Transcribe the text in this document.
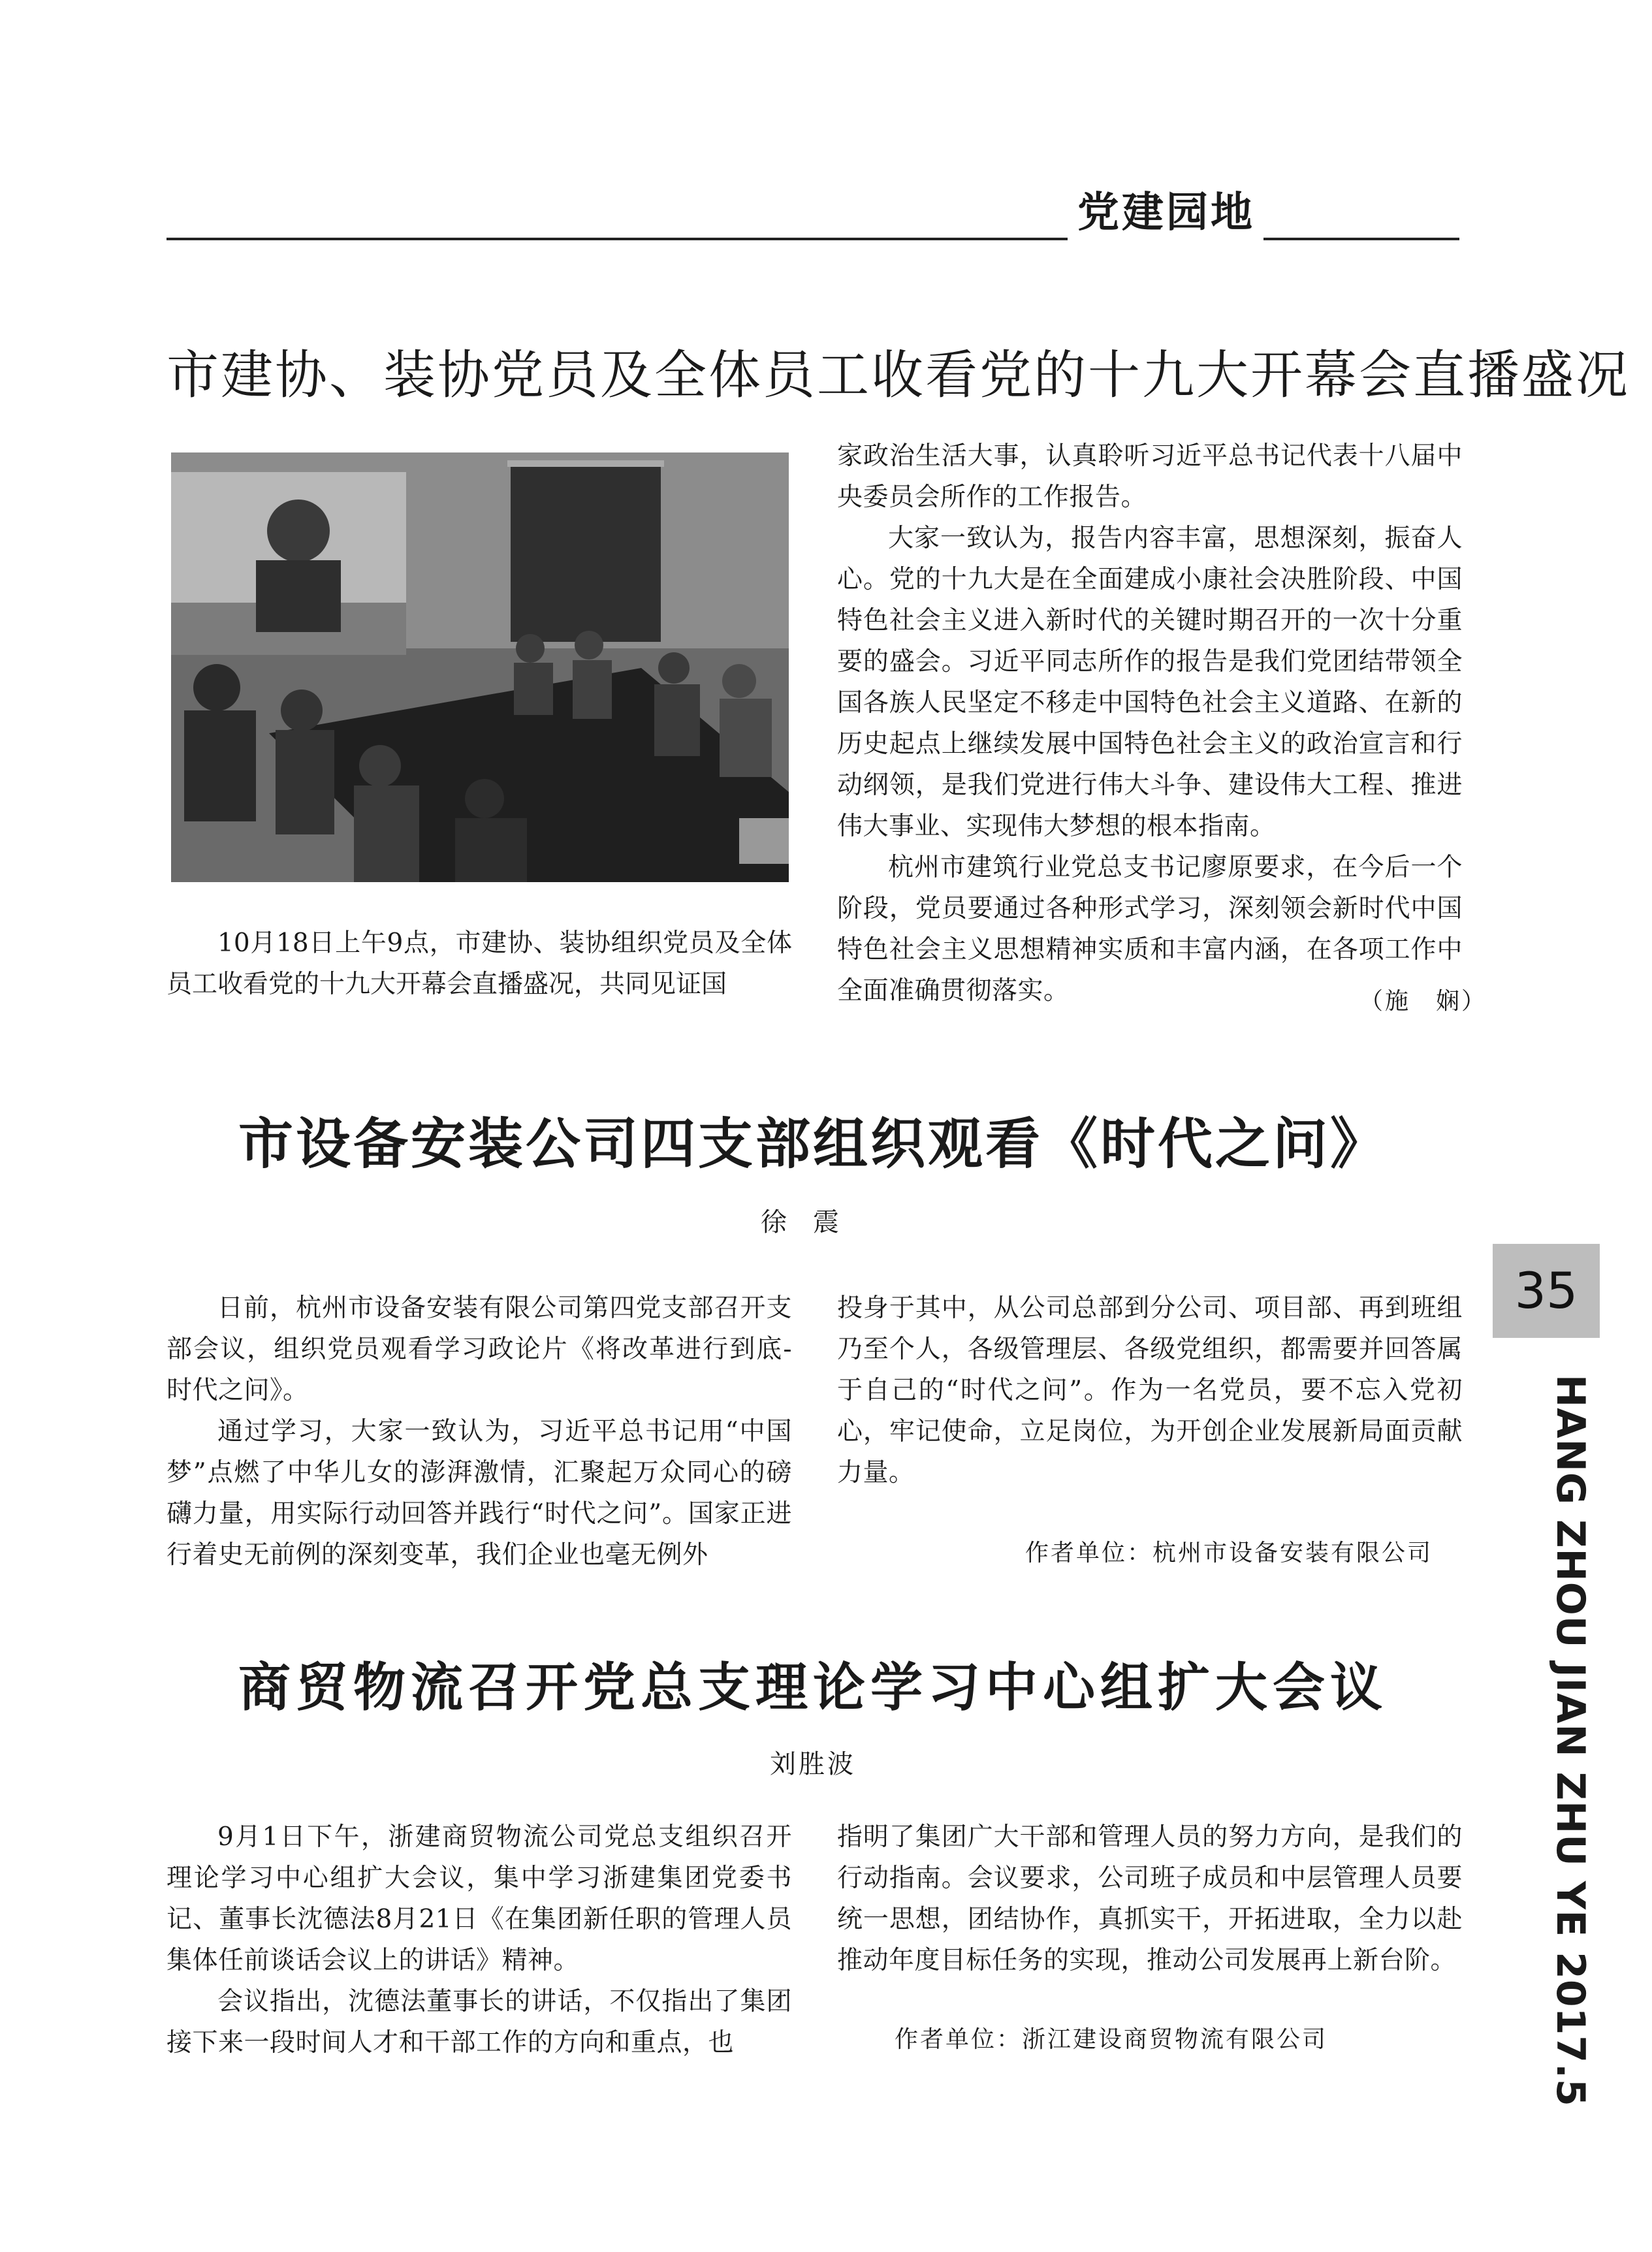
党建园地
市建协、装协党员及全体员工收看党的十九大开幕会直播盛况

10月18日上午9点，市建协、装协组织党员及全体员工收看党的十九大开幕会直播盛况，共同见证国

家政治生活大事，认真聆听习近平总书记代表十八届中央委员会所作的工作报告。

大家一致认为，报告内容丰富，思想深刻，振奋人心。党的十九大是在全面建成小康社会决胜阶段、中国特色社会主义进入新时代的关键时期召开的一次十分重要的盛会。习近平同志所作的报告是我们党团结带领全国各族人民坚定不移走中国特色社会主义道路、在新的历史起点上继续发展中国特色社会主义的政治宣言和行动纲领，是我们党进行伟大斗争、建设伟大工程、推进伟大事业、实现伟大梦想的根本指南。

杭州市建筑行业党总支书记廖原要求，在今后一个阶段，党员要通过各种形式学习，深刻领会新时代中国特色社会主义思想精神实质和丰富内涵，在各项工作中全面准确贯彻落实。	（施　娴）
市设备安装公司四支部组织观看《时代之问》
徐震

日前，杭州市设备安装有限公司第四党支部召开支部会议，组织党员观看学习政论片《将改革进行到底-时代之问》。

通过学习，大家一致认为，习近平总书记用“中国梦”点燃了中华儿女的澎湃激情，汇聚起万众同心的磅礴力量，用实际行动回答并践行“时代之问”。国家正进行着史无前例的深刻变革，我们企业也毫无例外

投身于其中，从公司总部到分公司、项目部、再到班组乃至个人，各级管理层、各级党组织，都需要并回答属于自己的“时代之问”。作为一名党员，要不忘入党初心，牢记使命，立足岗位，为开创企业发展新局面贡献力量。

作者单位：杭州市设备安装有限公司
商贸物流召开党总支理论学习中心组扩大会议
刘胜波

9月1日下午，浙建商贸物流公司党总支组织召开理论学习中心组扩大会议，集中学习浙建集团党委书记、董事长沈德法8月21日《在集团新任职的管理人员集体任前谈话会议上的讲话》精神。

会议指出，沈德法董事长的讲话，不仅指出了集团接下来一段时间人才和干部工作的方向和重点，也

指明了集团广大干部和管理人员的努力方向，是我们的行动指南。会议要求，公司班子成员和中层管理人员要统一思想，团结协作，真抓实干，开拓进取，全力以赴推动年度目标任务的实现，推动公司发展再上新台阶。

作者单位：浙江建设商贸物流有限公司
35
HANG ZHOU JIAN ZHU YE 2017.5
